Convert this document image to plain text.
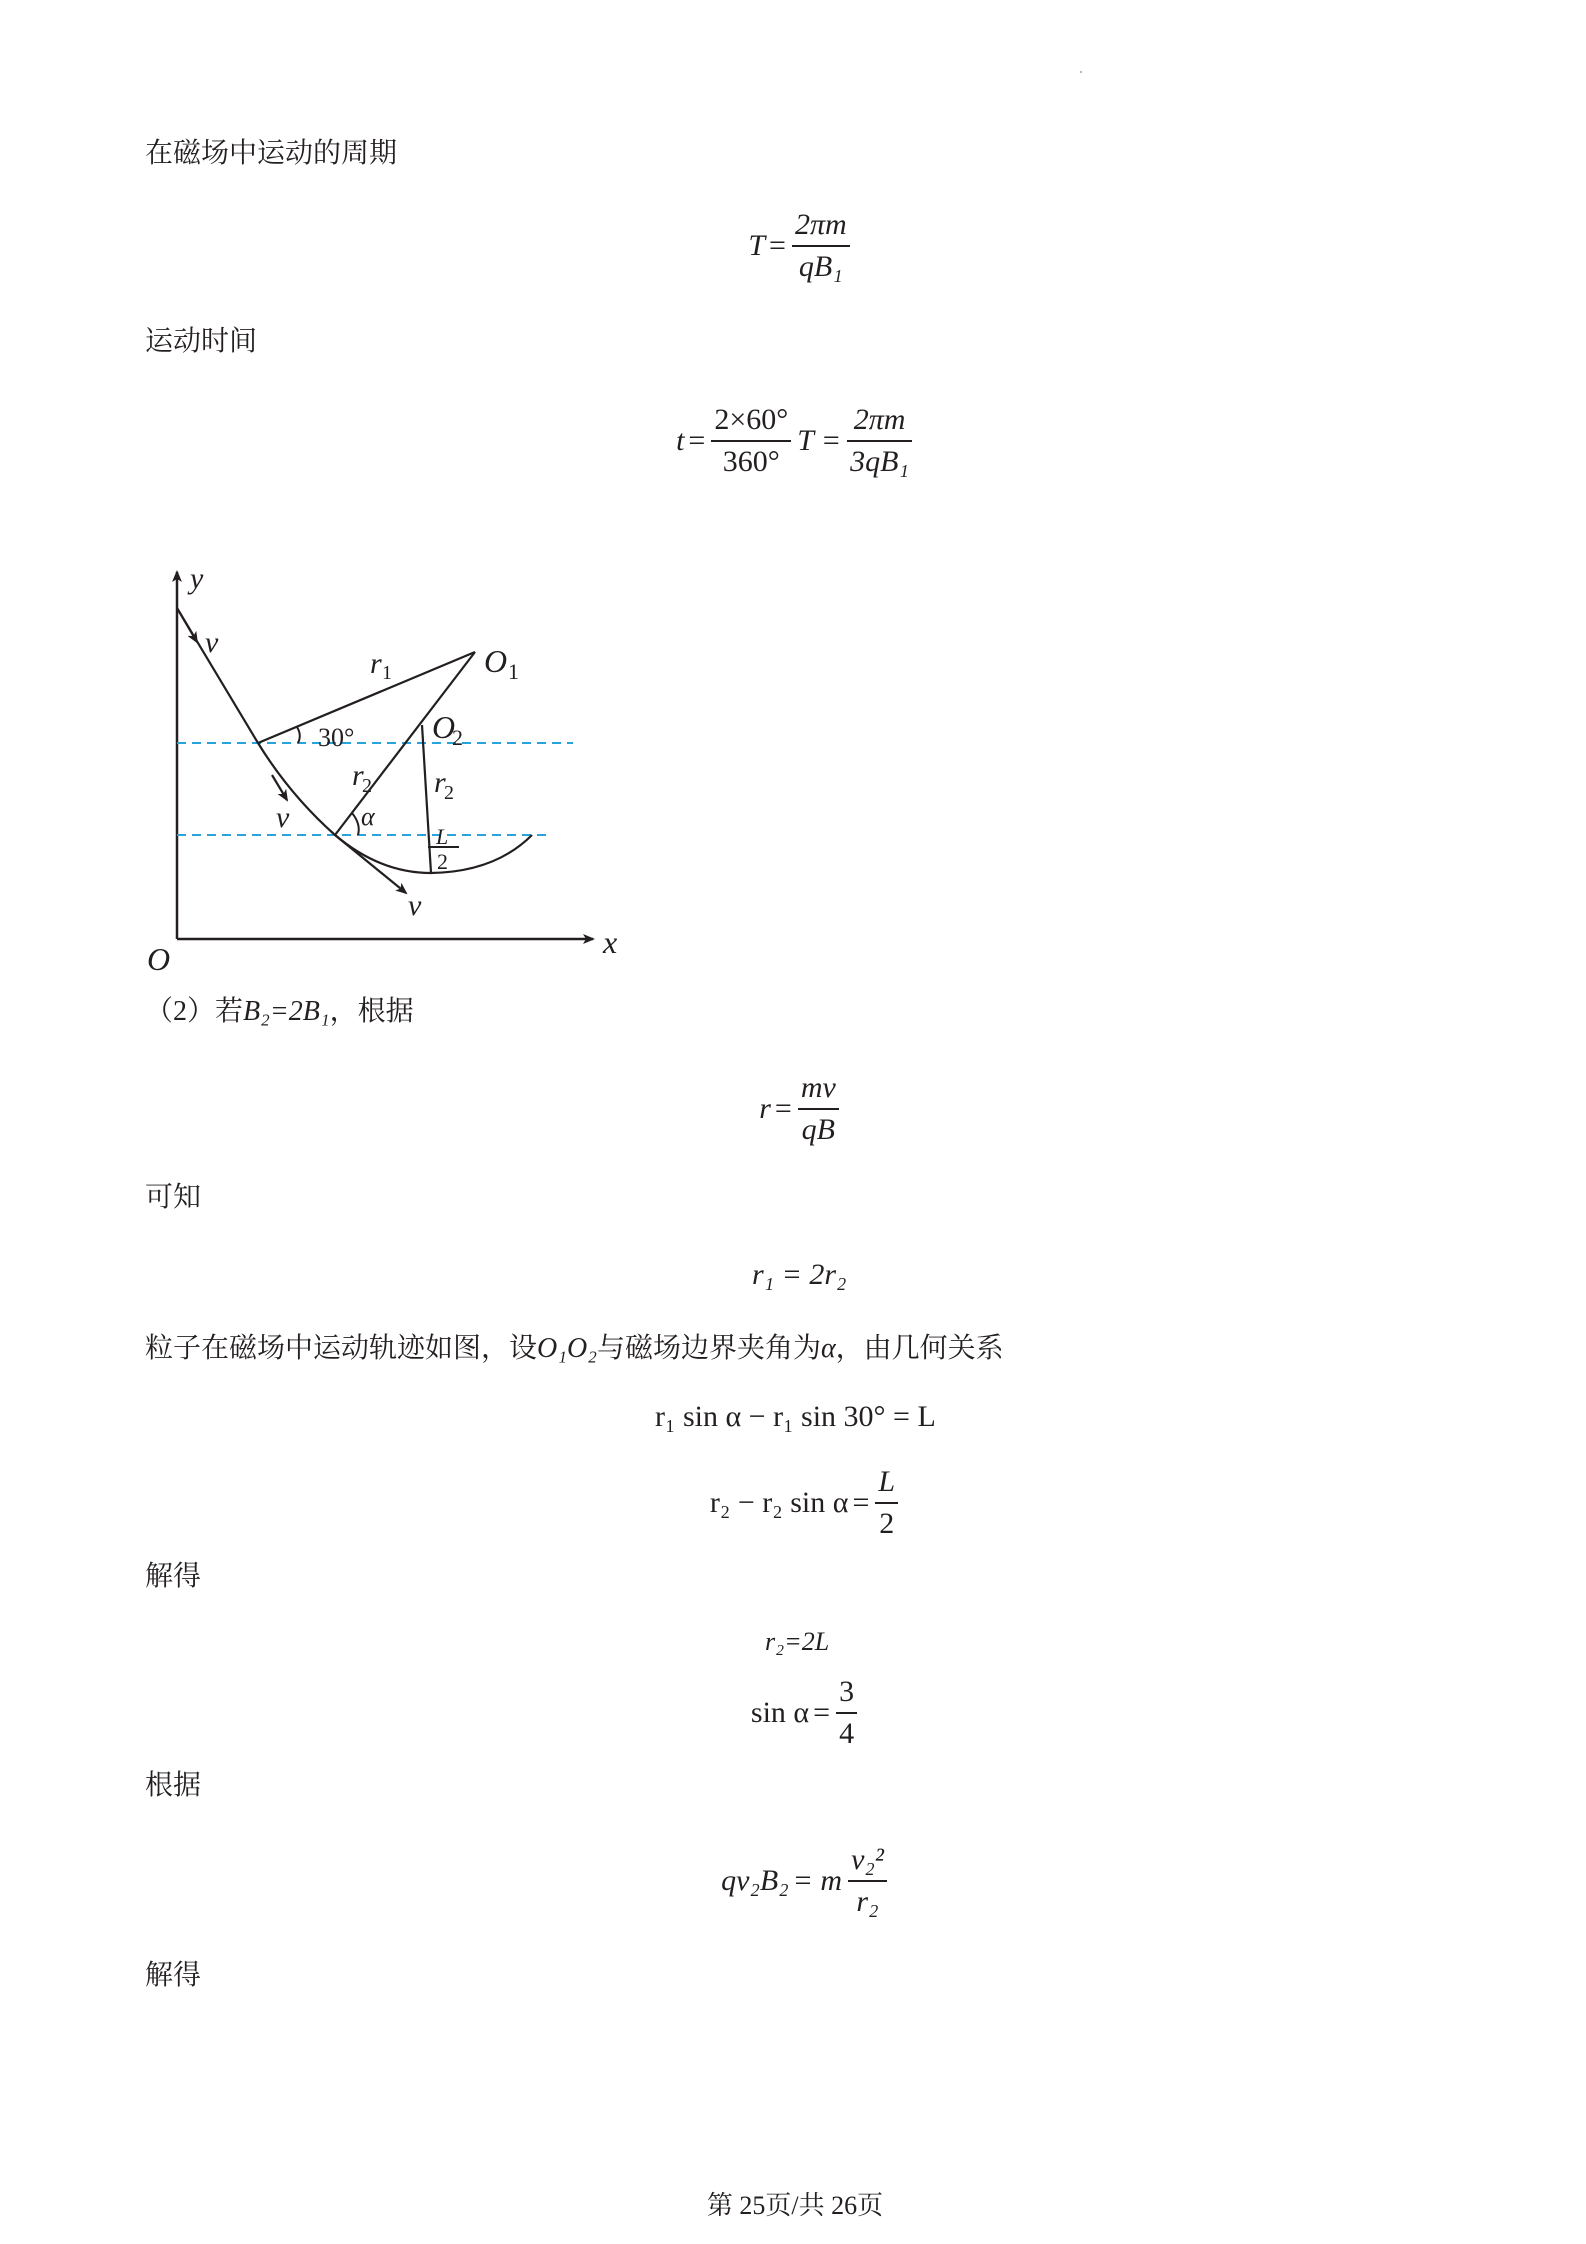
在磁场中运动的周期
$T = \frac{2\pi m}{\text{qB₁}}$
运动时间
$t = \frac{2\times 60^\circ}{360^\circ}$ $T = \frac{2\pi m}{\text{3qB₁}}$
y
O	x
v
v
v
r 1	O 1
O
2
30°
r
2 r
2
α
L
2
（2）若B₂=2B₁，根据
$r = \frac{mv}{qB}$
可知
r₁ = 2r₂
粒子在磁场中运动轨迹如图，设O₁O₂与磁场边界夹角为α，由几何关系
r₁ sin α − r₁ sin 30° = L
r₂ − r₂ $\sin \alpha = \frac{L}{2}$
解得
r₂=2L
$\sin \alpha = \frac{3}{4}$
根据
qv₂B₂ = m $\frac{\text{v₂²}}{\text{r₂}}$
解得
第 25页/共 26页
